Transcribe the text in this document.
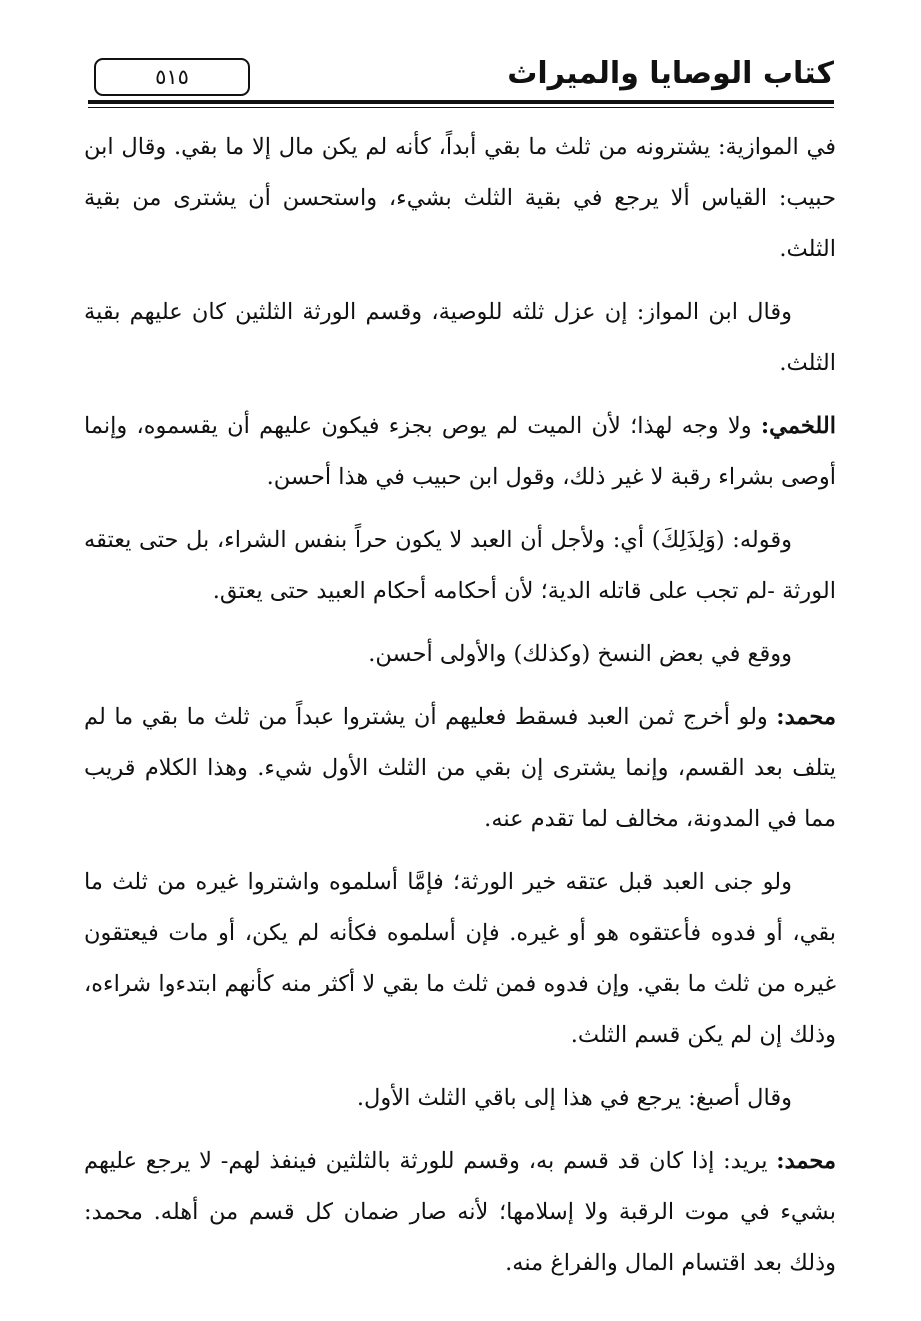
٥١٥	كتاب الوصايا والميراث

في الموازية: يشترونه من ثلث ما بقي أبداً، كأنه لم يكن مال إلا ما بقي. وقال ابن حبيب: القياس ألا يرجع في بقية الثلث بشيء، واستحسن أن يشترى من بقية الثلث.

وقال ابن المواز: إن عزل ثلثه للوصية، وقسم الورثة الثلثين كان عليهم بقية الثلث.

اللخمي: ولا وجه لهذا؛ لأن الميت لم يوص بجزء فيكون عليهم أن يقسموه، وإنما أوصى بشراء رقبة لا غير ذلك، وقول ابن حبيب في هذا أحسن.

وقوله: (وَلِذَلِكَ) أي: ولأجل أن العبد لا يكون حراً بنفس الشراء، بل حتى يعتقه الورثة -لم تجب على قاتله الدية؛ لأن أحكامه أحكام العبيد حتى يعتق.

ووقع في بعض النسخ (وكذلك) والأولى أحسن.

محمد: ولو أخرج ثمن العبد فسقط فعليهم أن يشتروا عبداً من ثلث ما بقي ما لم يتلف بعد القسم، وإنما يشترى إن بقي من الثلث الأول شيء. وهذا الكلام قريب مما في المدونة، مخالف لما تقدم عنه.

ولو جنى العبد قبل عتقه خير الورثة؛ فإمَّا أسلموه واشتروا غيره من ثلث ما بقي، أو فدوه فأعتقوه هو أو غيره. فإن أسلموه فكأنه لم يكن، أو مات فيعتقون غيره من ثلث ما بقي. وإن فدوه فمن ثلث ما بقي لا أكثر منه كأنهم ابتدءوا شراءه، وذلك إن لم يكن قسم الثلث.

وقال أصبغ: يرجع في هذا إلى باقي الثلث الأول.

محمد: يريد: إذا كان قد قسم به، وقسم للورثة بالثلثين فينفذ لهم- لا يرجع عليهم بشيء في موت الرقبة ولا إسلامها؛ لأنه صار ضمان كل قسم من أهله. محمد: وذلك بعد اقتسام المال والفراغ منه.
